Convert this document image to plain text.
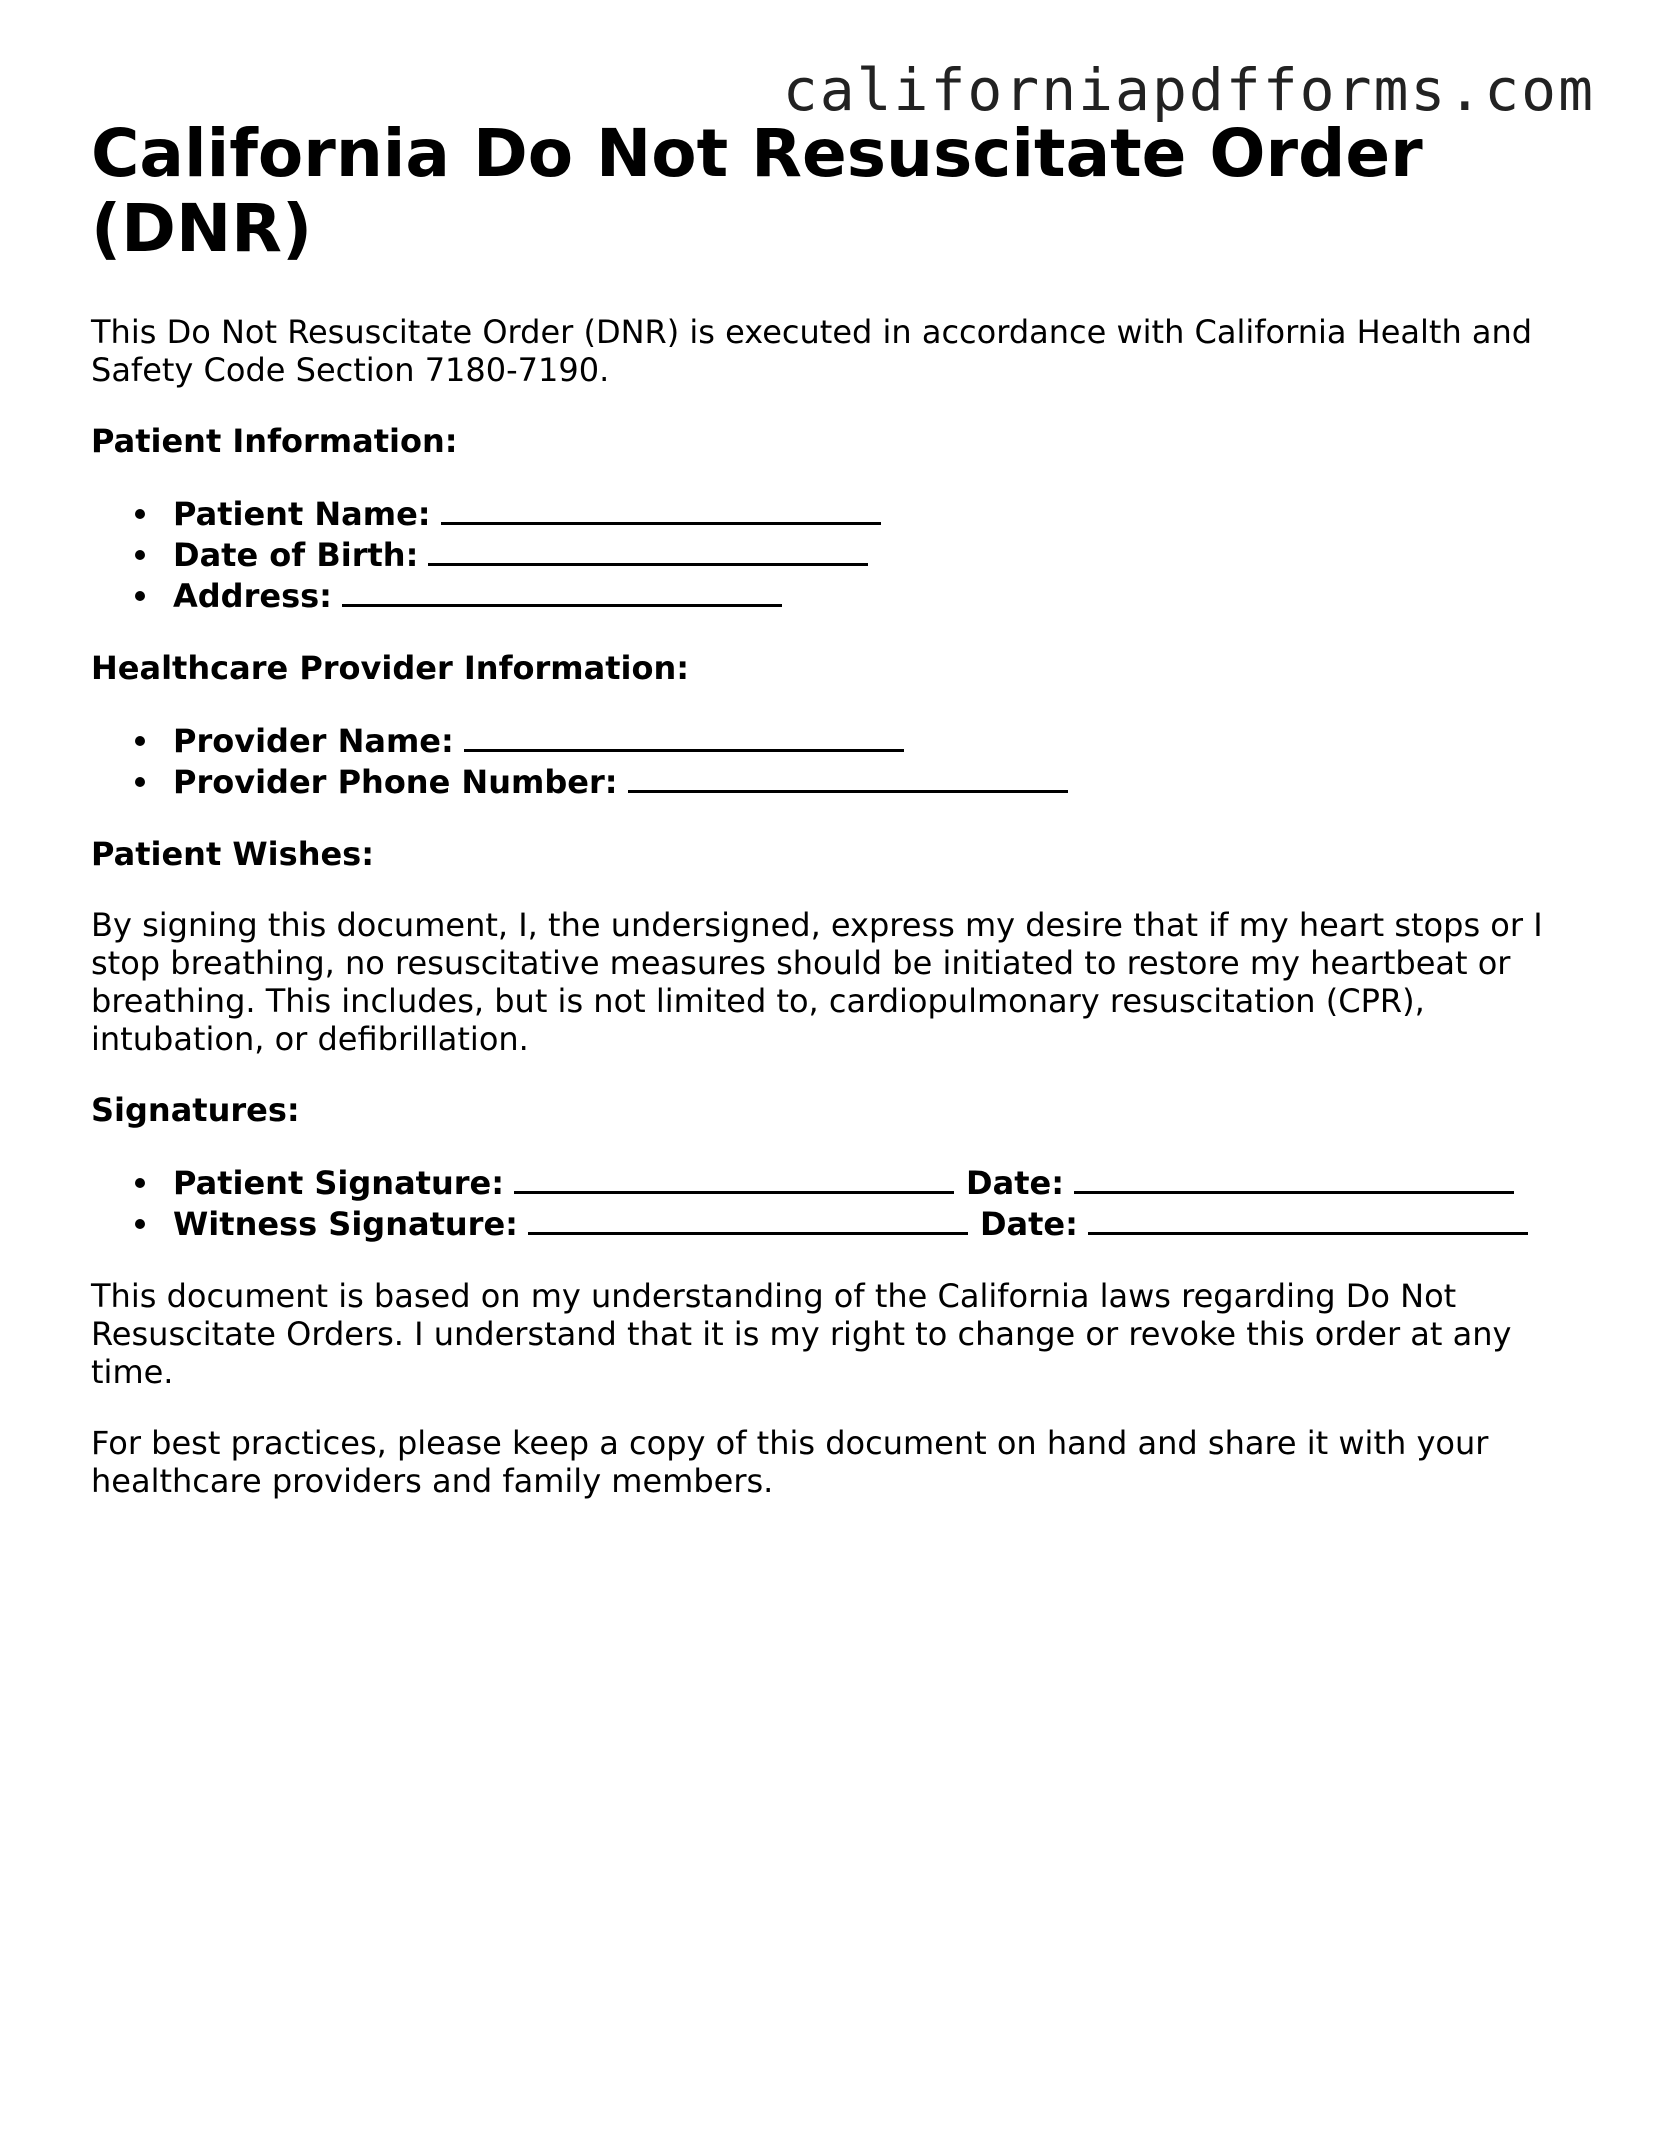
californiapdfforms.com
California Do Not Resuscitate Order (DNR)

This Do Not Resuscitate Order (DNR) is executed in accordance with California Health and Safety Code Section 7180-7190.

Patient Information:

Patient Name:
Date of Birth:
Address:

Healthcare Provider Information:

Provider Name:
Provider Phone Number:

Patient Wishes:

By signing this document, I, the undersigned, express my desire that if my heart stops or I stop breathing, no resuscitative measures should be initiated to restore my heartbeat or breathing. This includes, but is not limited to, cardiopulmonary resuscitation (CPR), intubation, or defibrillation.

Signatures:

Patient Signature:	Date:
Witness Signature:	Date:

This document is based on my understanding of the California laws regarding Do Not Resuscitate Orders. I understand that it is my right to change or revoke this order at any time.

For best practices, please keep a copy of this document on hand and share it with your healthcare providers and family members.
